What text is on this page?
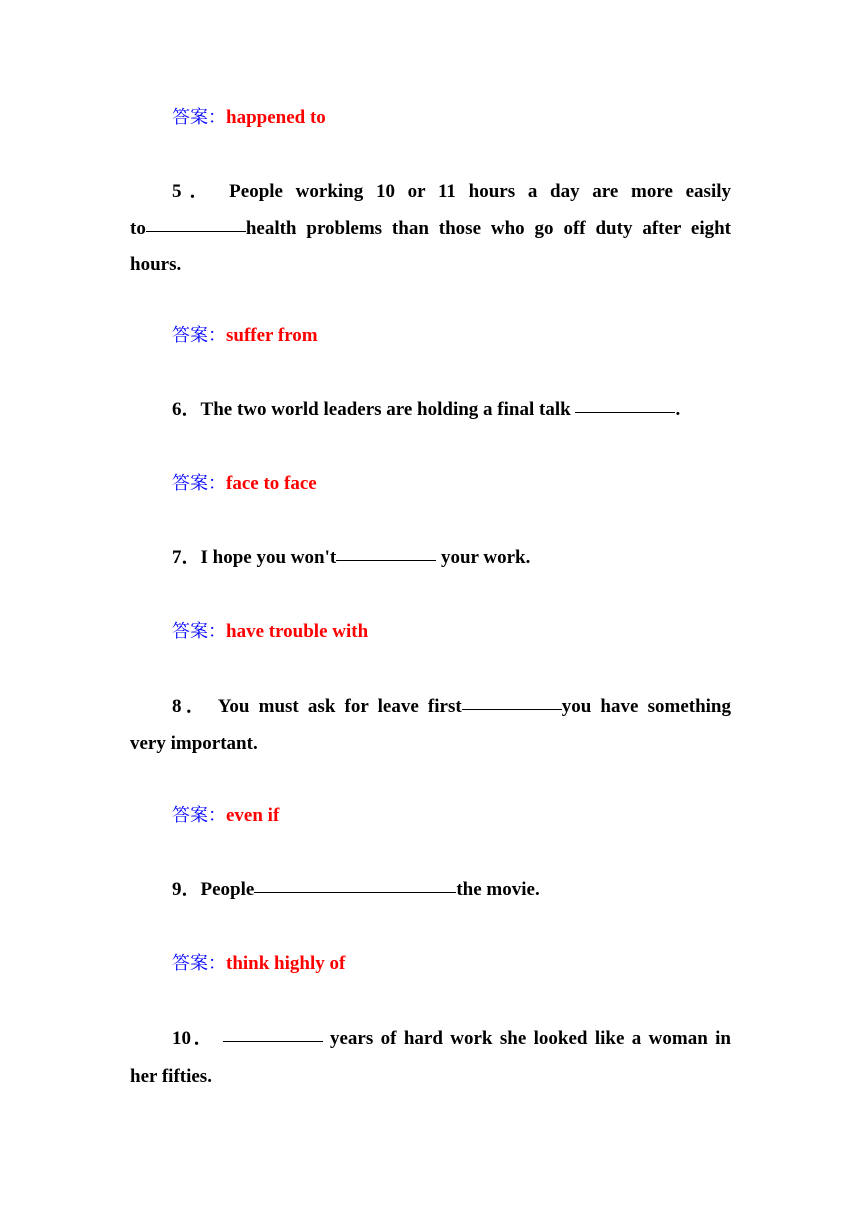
答案：happened to
5． People working 10 or 11 hours a day are more easily
to	health problems than those who go off duty after eight
hours.
答案：suffer from
6．The two world leaders are holding a final talk	.
答案：face to face
7．I hope you won't	your work.
答案：have trouble with
8． You must ask for leave first	you have something
very important.
答案：even if
9．People	the movie.
答案：think highly of
10．	years of hard work she looked like a woman in
her fifties.
